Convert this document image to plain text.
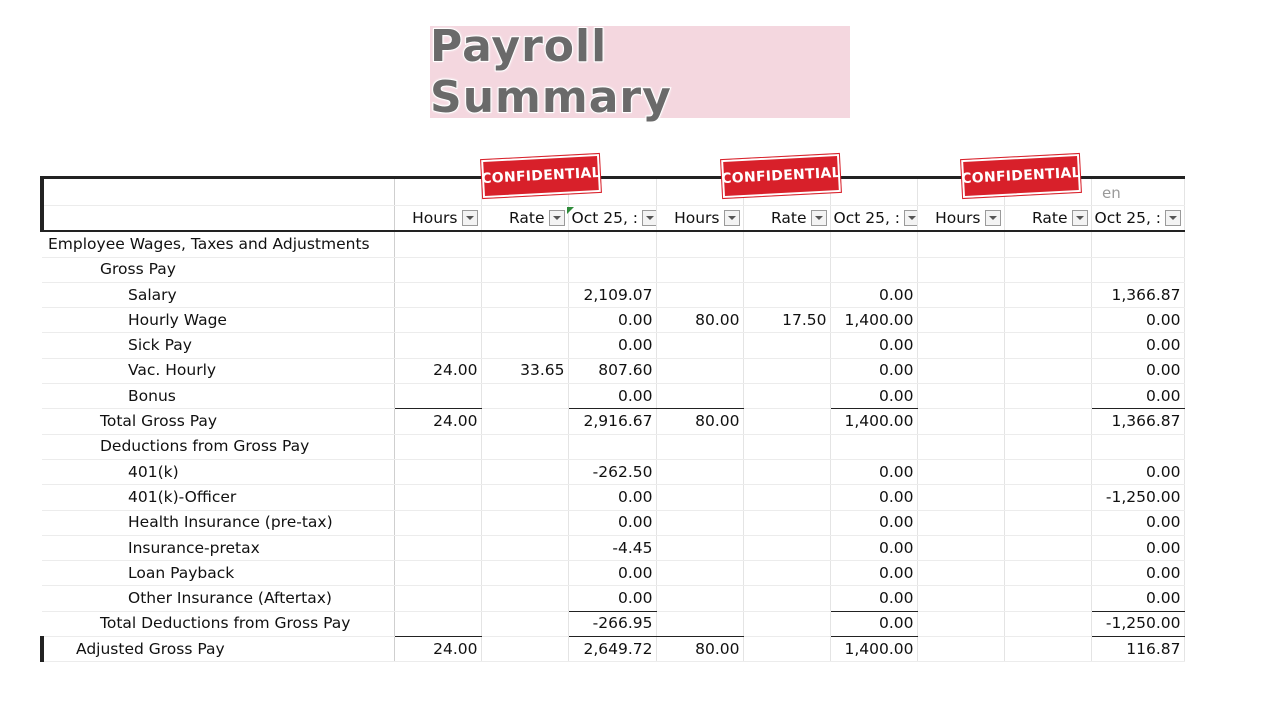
Payroll Summary

	Hours	Rate	Oct 25, :	Hours	Rate	Oct 25, :	Hours	Rate	Oct 25, :

Employee Wages, Taxes and Adjustments									
Gross Pay									
Salary			2,109.07			0.00			1,366.87
Hourly Wage			0.00	80.00	17.50	1,400.00			0.00
Sick Pay			0.00			0.00			0.00
Vac. Hourly	24.00	33.65	807.60			0.00			0.00
Bonus			0.00			0.00			0.00
Total Gross Pay	24.00		2,916.67	80.00		1,400.00			1,366.87
Deductions from Gross Pay									
401(k)			-262.50			0.00			0.00
401(k)-Officer			0.00			0.00			-1,250.00
Health Insurance (pre-tax)			0.00			0.00			0.00
Insurance-pretax			-4.45			0.00			0.00
Loan Payback			0.00			0.00			0.00
Other Insurance (Aftertax)			0.00			0.00			0.00
Total Deductions from Gross Pay			-266.95			0.00			-1,250.00
Adjusted Gross Pay	24.00		2,649.72	80.00		1,400.00			116.87
en
CONFIDENTIAL	CONFIDENTIAL	CONFIDENTIAL
